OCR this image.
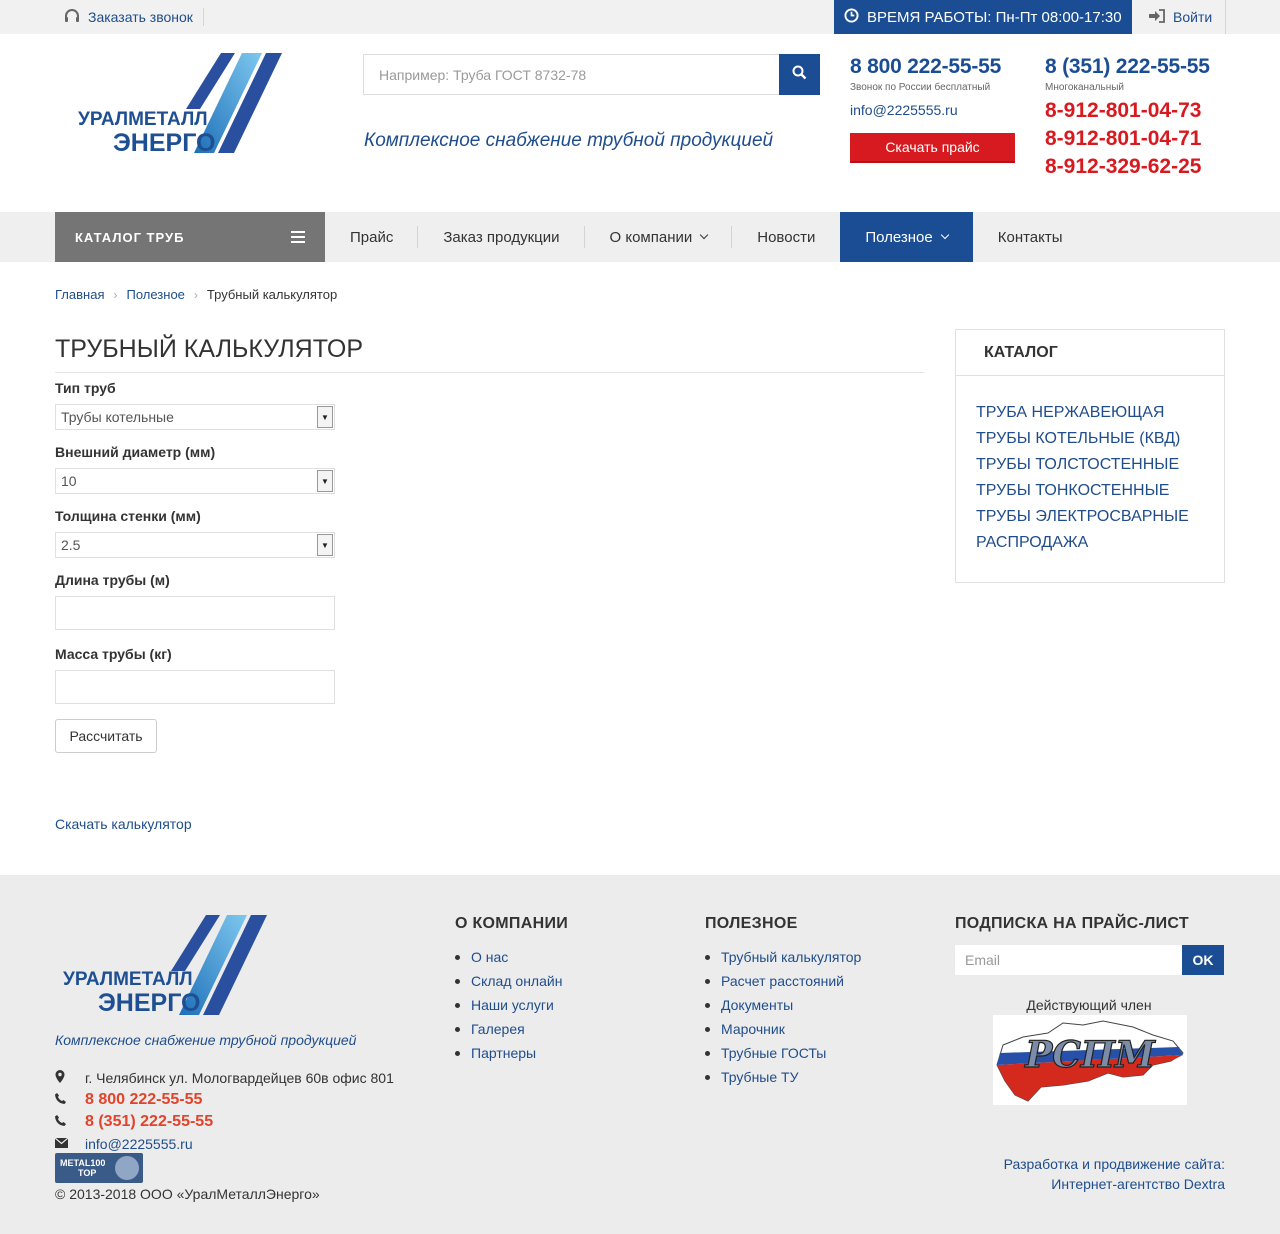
Заказать звонок	ВРЕМЯ РАБОТЫ: Пн-Пт 08:00-17:30	Войти
УРАЛМЕТАЛЛ
ЭНЕРГО
Например: Труба ГОСТ 8732-78	Комплексное снабжение трубной продукцией
8 800 222-55-55
Звонок по России бесплатный
info@2225555.ru
Скачать прайс
8 (351) 222-55-55
Многоканальный
8-912-801-04-73
8-912-801-04-71
8-912-329-62-25
КАТАЛОГ ТРУБ	Прайс	Заказ продукции	О компании	Новости	Полезное	Контакты
Главная › Полезное › Трубный калькулятор
ТРУБНЫЙ КАЛЬКУЛЯТОР
Тип труб
Трубы котельные	▼
Внешний диаметр (мм)
10	▼
Толщина стенки (мм)
2.5	▼
Длина трубы (м)
Масса трубы (кг)
Рассчитать
Скачать калькулятор
КАТАЛОГ
ТРУБА НЕРЖАВЕЮЩАЯ
ТРУБЫ КОТЕЛЬНЫЕ (КВД)
ТРУБЫ ТОЛСТОСТЕННЫЕ
ТРУБЫ ТОНКОСТЕННЫЕ
ТРУБЫ ЭЛЕКТРОСВАРНЫЕ
РАСПРОДАЖА
УРАЛМЕТАЛЛ
ЭНЕРГО
Комплексное снабжение трубной продукцией
г. Челябинск ул. Мологвардейцев 60в офис 801
8 800 222-55-55
8 (351) 222-55-55
info@2225555.ru
METAL100
TOP
© 2013-2018 ООО «УралМеталлЭнерго»
О КОМПАНИИ
О нас
Склад онлайн
Наши услуги
Галерея
Партнеры
ПОЛЕЗНОЕ
Трубный калькулятор
Расчет расстояний
Документы
Марочник
Трубные ГОСТы
Трубные ТУ
ПОДПИСКА НА ПРАЙС-ЛИСТ
Email
OK
Действующий член
РСПМ
Разработка и продвижение сайта:
Интернет-агентство Dextra
